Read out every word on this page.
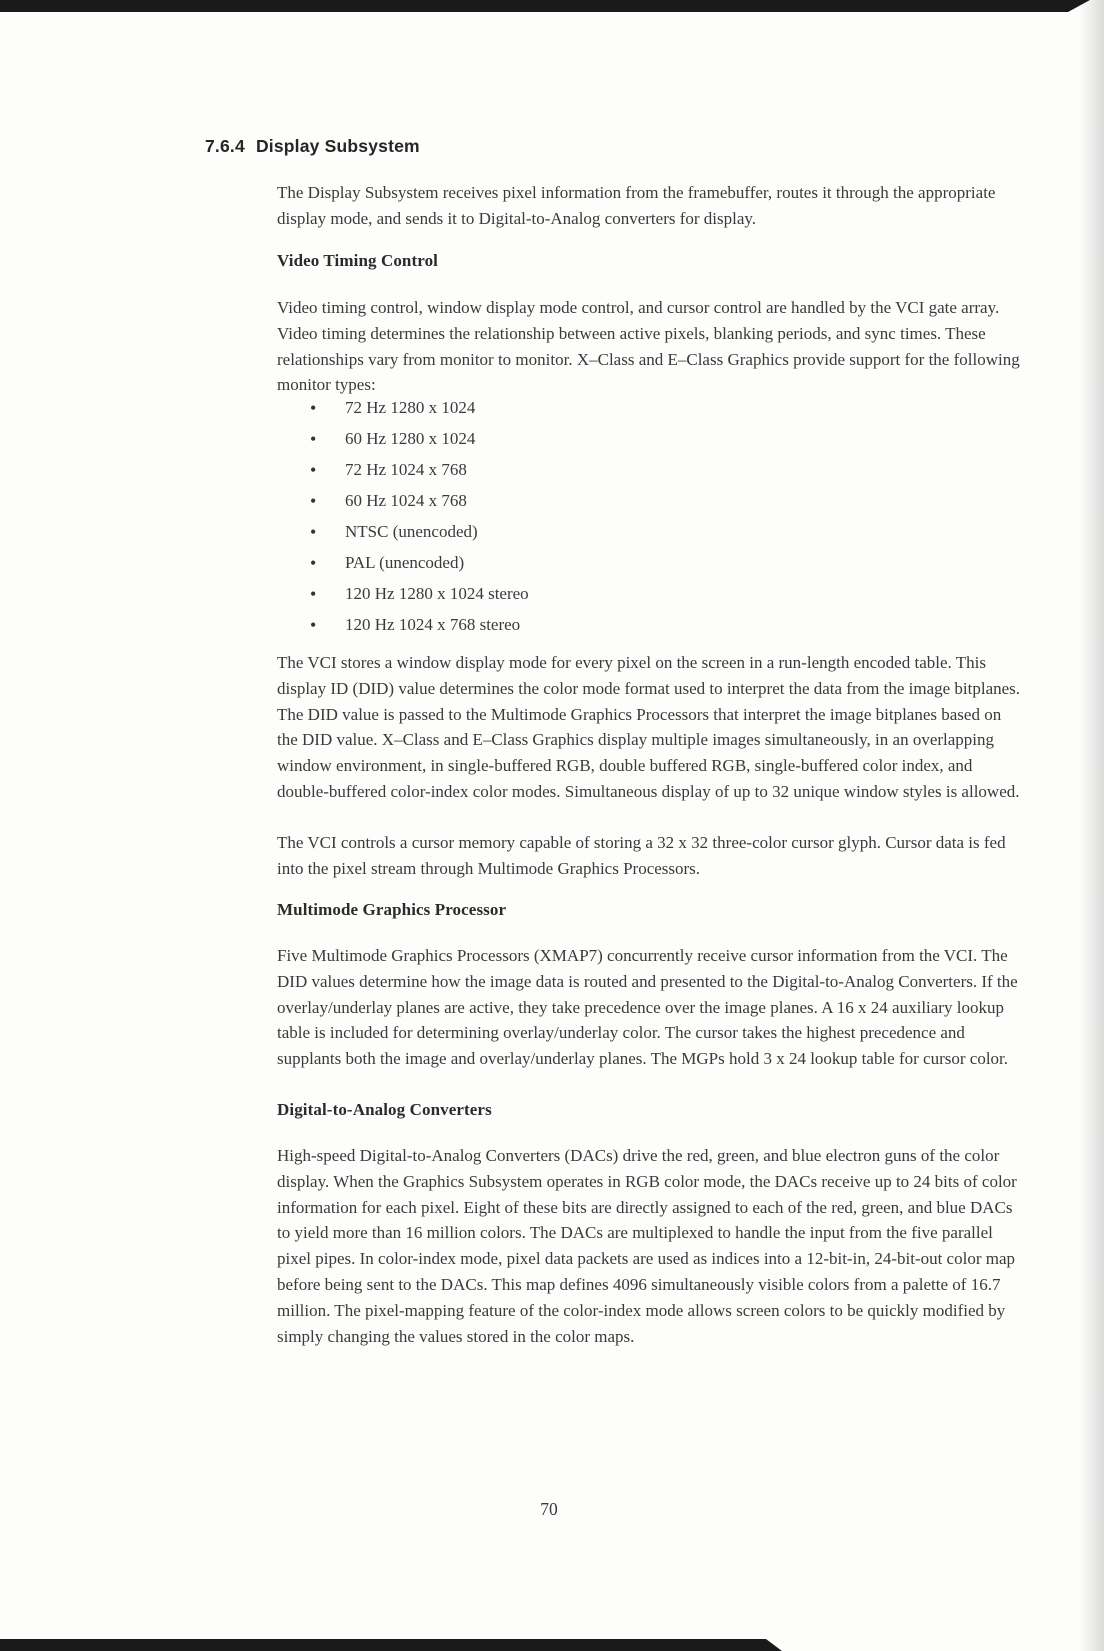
7.6.4 Display Subsystem
The Display Subsystem receives pixel information from the framebuffer, routes it through the appropriate display mode, and sends it to Digital-to-Analog converters for display.
Video Timing Control
Video timing control, window display mode control, and cursor control are handled by the VCI gate array. Video timing determines the relationship between active pixels, blanking periods, and sync times. These relationships vary from monitor to monitor. X–Class and E–Class Graphics provide support for the following monitor types:
72 Hz 1280 x 1024
60 Hz 1280 x 1024
72 Hz 1024 x 768
60 Hz 1024 x 768
NTSC (unencoded)
PAL (unencoded)
120 Hz 1280 x 1024 stereo
120 Hz 1024 x 768 stereo
The VCI stores a window display mode for every pixel on the screen in a run-length encoded table. This display ID (DID) value determines the color mode format used to interpret the data from the image bitplanes. The DID value is passed to the Multimode Graphics Processors that interpret the image bitplanes based on the DID value. X–Class and E–Class Graphics display multiple images simultaneously, in an overlapping window environment, in single-buffered RGB, double buffered RGB, single-buffered color index, and double-buffered color-index color modes. Simultaneous display of up to 32 unique window styles is allowed.
The VCI controls a cursor memory capable of storing a 32 x 32 three-color cursor glyph. Cursor data is fed into the pixel stream through Multimode Graphics Processors.
Multimode Graphics Processor
Five Multimode Graphics Processors (XMAP7) concurrently receive cursor information from the VCI. The DID values determine how the image data is routed and presented to the Digital-to-Analog Converters. If the overlay/underlay planes are active, they take precedence over the image planes. A 16 x 24 auxiliary lookup table is included for determining overlay/underlay color. The cursor takes the highest precedence and supplants both the image and overlay/underlay planes. The MGPs hold 3 x 24 lookup table for cursor color.
Digital-to-Analog Converters
High-speed Digital-to-Analog Converters (DACs) drive the red, green, and blue electron guns of the color display. When the Graphics Subsystem operates in RGB color mode, the DACs receive up to 24 bits of color information for each pixel. Eight of these bits are directly assigned to each of the red, green, and blue DACs to yield more than 16 million colors. The DACs are multiplexed to handle the input from the five parallel pixel pipes. In color-index mode, pixel data packets are used as indices into a 12-bit-in, 24-bit-out color map before being sent to the DACs. This map defines 4096 simultaneously visible colors from a palette of 16.7 million. The pixel-mapping feature of the color-index mode allows screen colors to be quickly modified by simply changing the values stored in the color maps.
70
